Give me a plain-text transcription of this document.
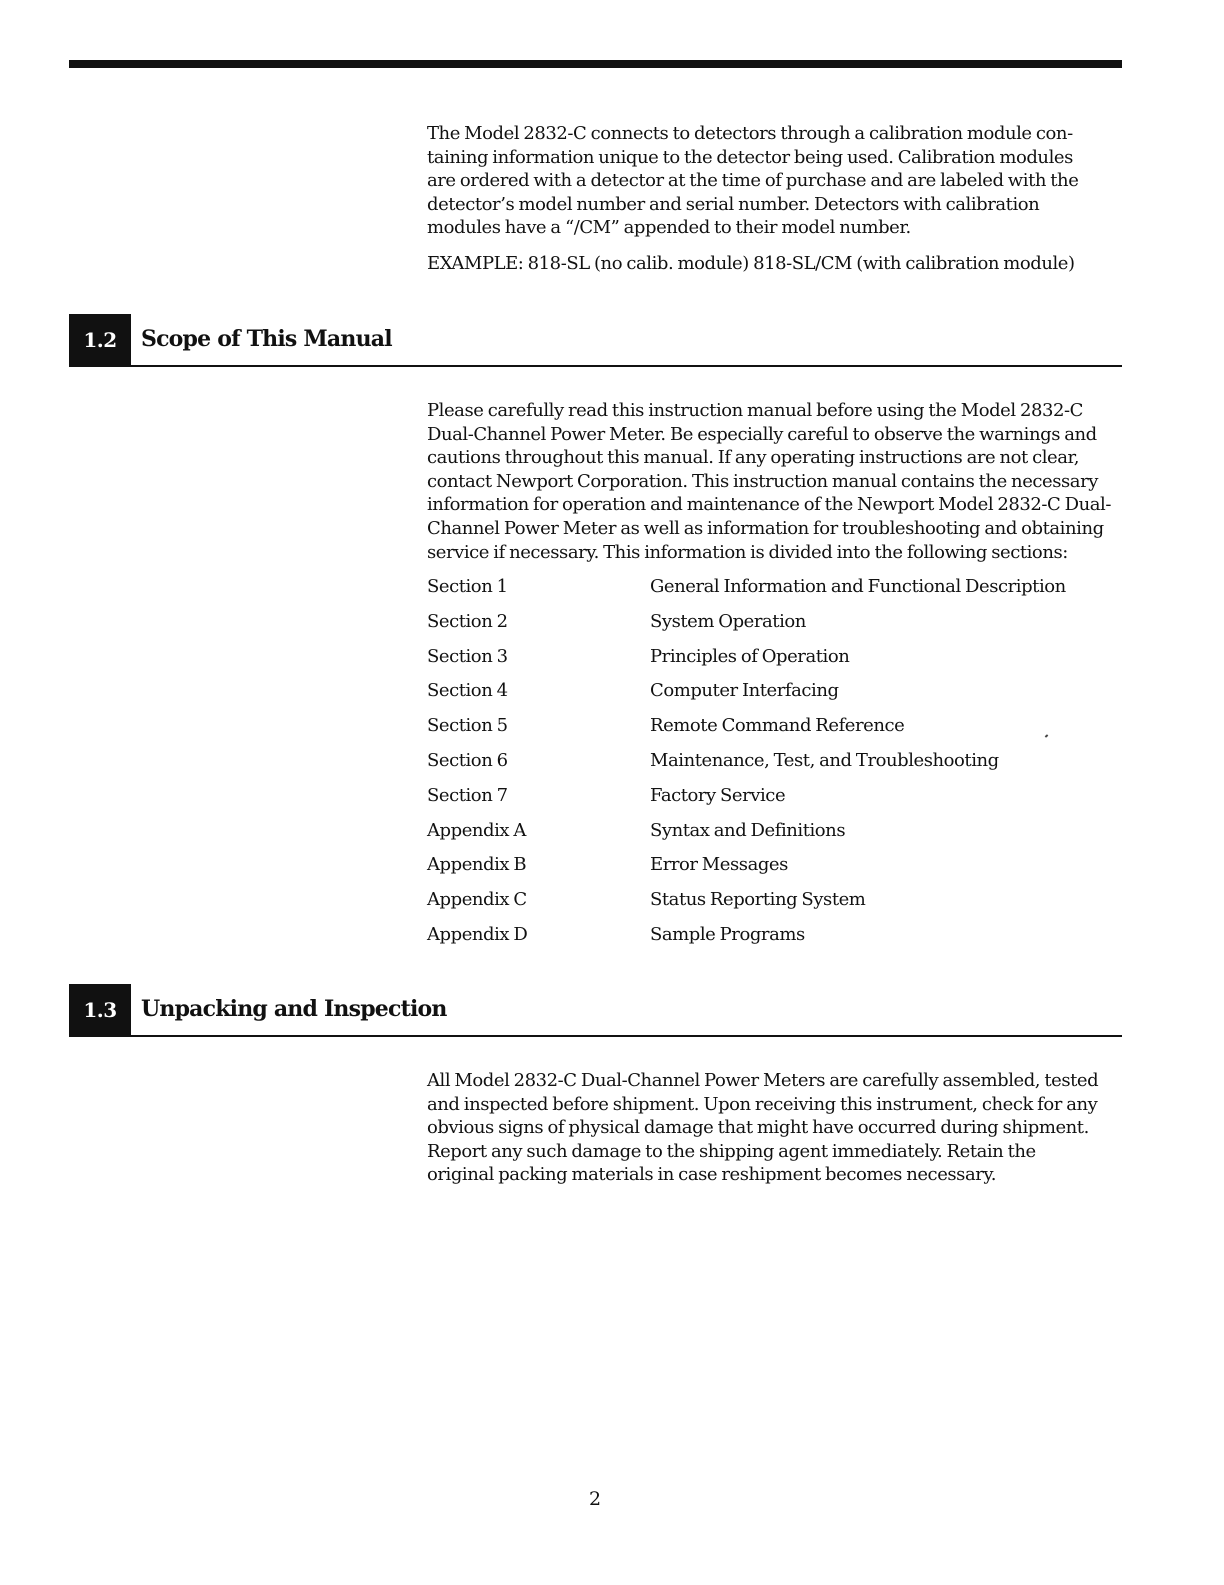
The Model 2832-C connects to detectors through a calibration module con-
taining information unique to the detector being used. Calibration modules
are ordered with a detector at the time of purchase and are labeled with the
detector’s model number and serial number. Detectors with calibration
modules have a “/CM” appended to their model number.
EXAMPLE: 818-SL (no calib. module) 818-SL/CM (with calibration module)
1.2	Scope of This Manual
Please carefully read this instruction manual before using the Model 2832-C
Dual-Channel Power Meter. Be especially careful to observe the warnings and
cautions throughout this manual. If any operating instructions are not clear,
contact Newport Corporation. This instruction manual contains the necessary
information for operation and maintenance of the Newport Model 2832-C Dual-
Channel Power Meter as well as information for troubleshooting and obtaining
service if necessary. This information is divided into the following sections:
Section 1	General Information and Functional Description
Section 2	System Operation
Section 3	Principles of Operation
Section 4	Computer Interfacing
Section 5	Remote Command Reference
Section 6	Maintenance, Test, and Troubleshooting
Section 7	Factory Service
Appendix A	Syntax and Definitions
Appendix B	Error Messages
Appendix C	Status Reporting System
Appendix D	Sample Programs
1.3	Unpacking and Inspection
All Model 2832-C Dual-Channel Power Meters are carefully assembled, tested
and inspected before shipment. Upon receiving this instrument, check for any
obvious signs of physical damage that might have occurred during shipment.
Report any such damage to the shipping agent immediately. Retain the
original packing materials in case reshipment becomes necessary.
2
